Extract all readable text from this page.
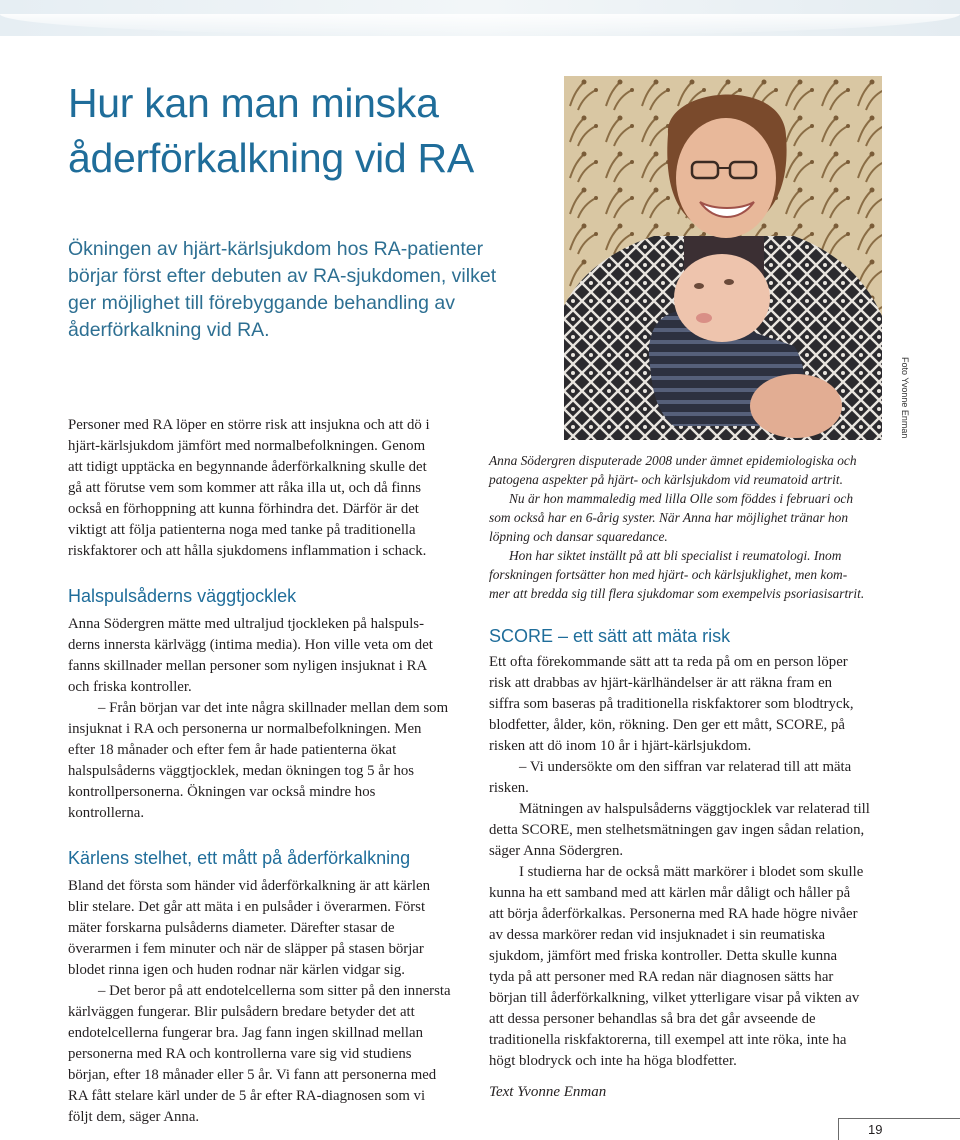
Hur kan man minska
åderförkalkning vid RA
Ökningen av hjärt-kärlsjukdom hos RA-patienter
börjar först efter debuten av RA-sjukdomen, vilket
ger möjlighet till förebyggande behandling av
åderförkalkning vid RA.

Personer med RA löper en större risk att insjukna och att dö i
hjärt-kärlsjukdom jämfört med normalbefolkningen. Genom
att tidigt upptäcka en begynnande åderförkalkning skulle det
gå att förutse vem som kommer att råka illa ut, och då finns
också en förhoppning att kunna förhindra det. Därför är det
viktigt att följa patienterna noga med tanke på traditionella
riskfaktorer och att hålla sjukdomens inflammation i schack.

Halspulsåderns väggtjocklek

Anna Södergren mätte med ultraljud tjockleken på halspuls-
derns innersta kärlvägg (intima media). Hon ville veta om det
fanns skillnader mellan personer som nyligen insjuknat i RA
och friska kontroller.

– Från början var det inte några skillnader mellan dem som
insjuknat i RA och personerna ur normalbefolkningen. Men
efter 18 månader och efter fem år hade patienterna ökat
halspulsåderns väggtjocklek, medan ökningen tog 5 år hos
kontrollpersonerna. Ökningen var också mindre hos
kontrollerna.

Kärlens stelhet, ett mått på åderförkalkning

Bland det första som händer vid åderförkalkning är att kärlen
blir stelare. Det går att mäta i en pulsåder i överarmen. Först
mäter forskarna pulsåderns diameter. Därefter stasar de
överarmen i fem minuter och när de släpper på stasen börjar
blodet rinna igen och huden rodnar när kärlen vidgar sig.

– Det beror på att endotelcellerna som sitter på den innersta
kärlväggen fungerar. Blir pulsådern bredare betyder det att
endotelcellerna fungerar bra. Jag fann ingen skillnad mellan
personerna med RA och kontrollerna vare sig vid studiens
början, efter 18 månader eller 5 år. Vi fann att personerna med
RA fått stelare kärl under de 5 år efter RA-diagnosen som vi
följt dem, säger Anna.

Foto Yvonne Enman

Anna Södergren disputerade 2008 under ämnet epidemiologiska och
patogena aspekter på hjärt- och kärlsjukdom vid reumatoid artrit.

Nu är hon mammaledig med lilla Olle som föddes i februari och
som också har en 6-årig syster. När Anna har möjlighet tränar hon
löpning och dansar squaredance.

Hon har siktet inställt på att bli specialist i reumatologi. Inom
forskningen fortsätter hon med hjärt- och kärlsjuklighet, men kom-
mer att bredda sig till flera sjukdomar som exempelvis psoriasisartrit.

SCORE – ett sätt att mäta risk

Ett ofta förekommande sätt att ta reda på om en person löper
risk att drabbas av hjärt-kärlhändelser är att räkna fram en
siffra som baseras på traditionella riskfaktorer som blodtryck,
blodfetter, ålder, kön, rökning. Den ger ett mått, SCORE, på
risken att dö inom 10 år i hjärt-kärlsjukdom.

– Vi undersökte om den siffran var relaterad till att mäta
risken.

Mätningen av halspulsåderns väggtjocklek var relaterad till
detta SCORE, men stelhetsmätningen gav ingen sådan relation,
säger Anna Södergren.

I studierna har de också mätt markörer i blodet som skulle
kunna ha ett samband med att kärlen mår dåligt och håller på
att börja åderförkalkas. Personerna med RA hade högre nivåer
av dessa markörer redan vid insjuknadet i sin reumatiska
sjukdom, jämfört med friska kontroller. Detta skulle kunna
tyda på att personer med RA redan när diagnosen sätts har
början till åderförkalkning, vilket ytterligare visar på vikten av
att dessa personer behandlas så bra det går avseende de
traditionella riskfaktorerna, till exempel att inte röka, inte ha
högt blodryck och inte ha höga blodfetter.

Text Yvonne Enman
19
